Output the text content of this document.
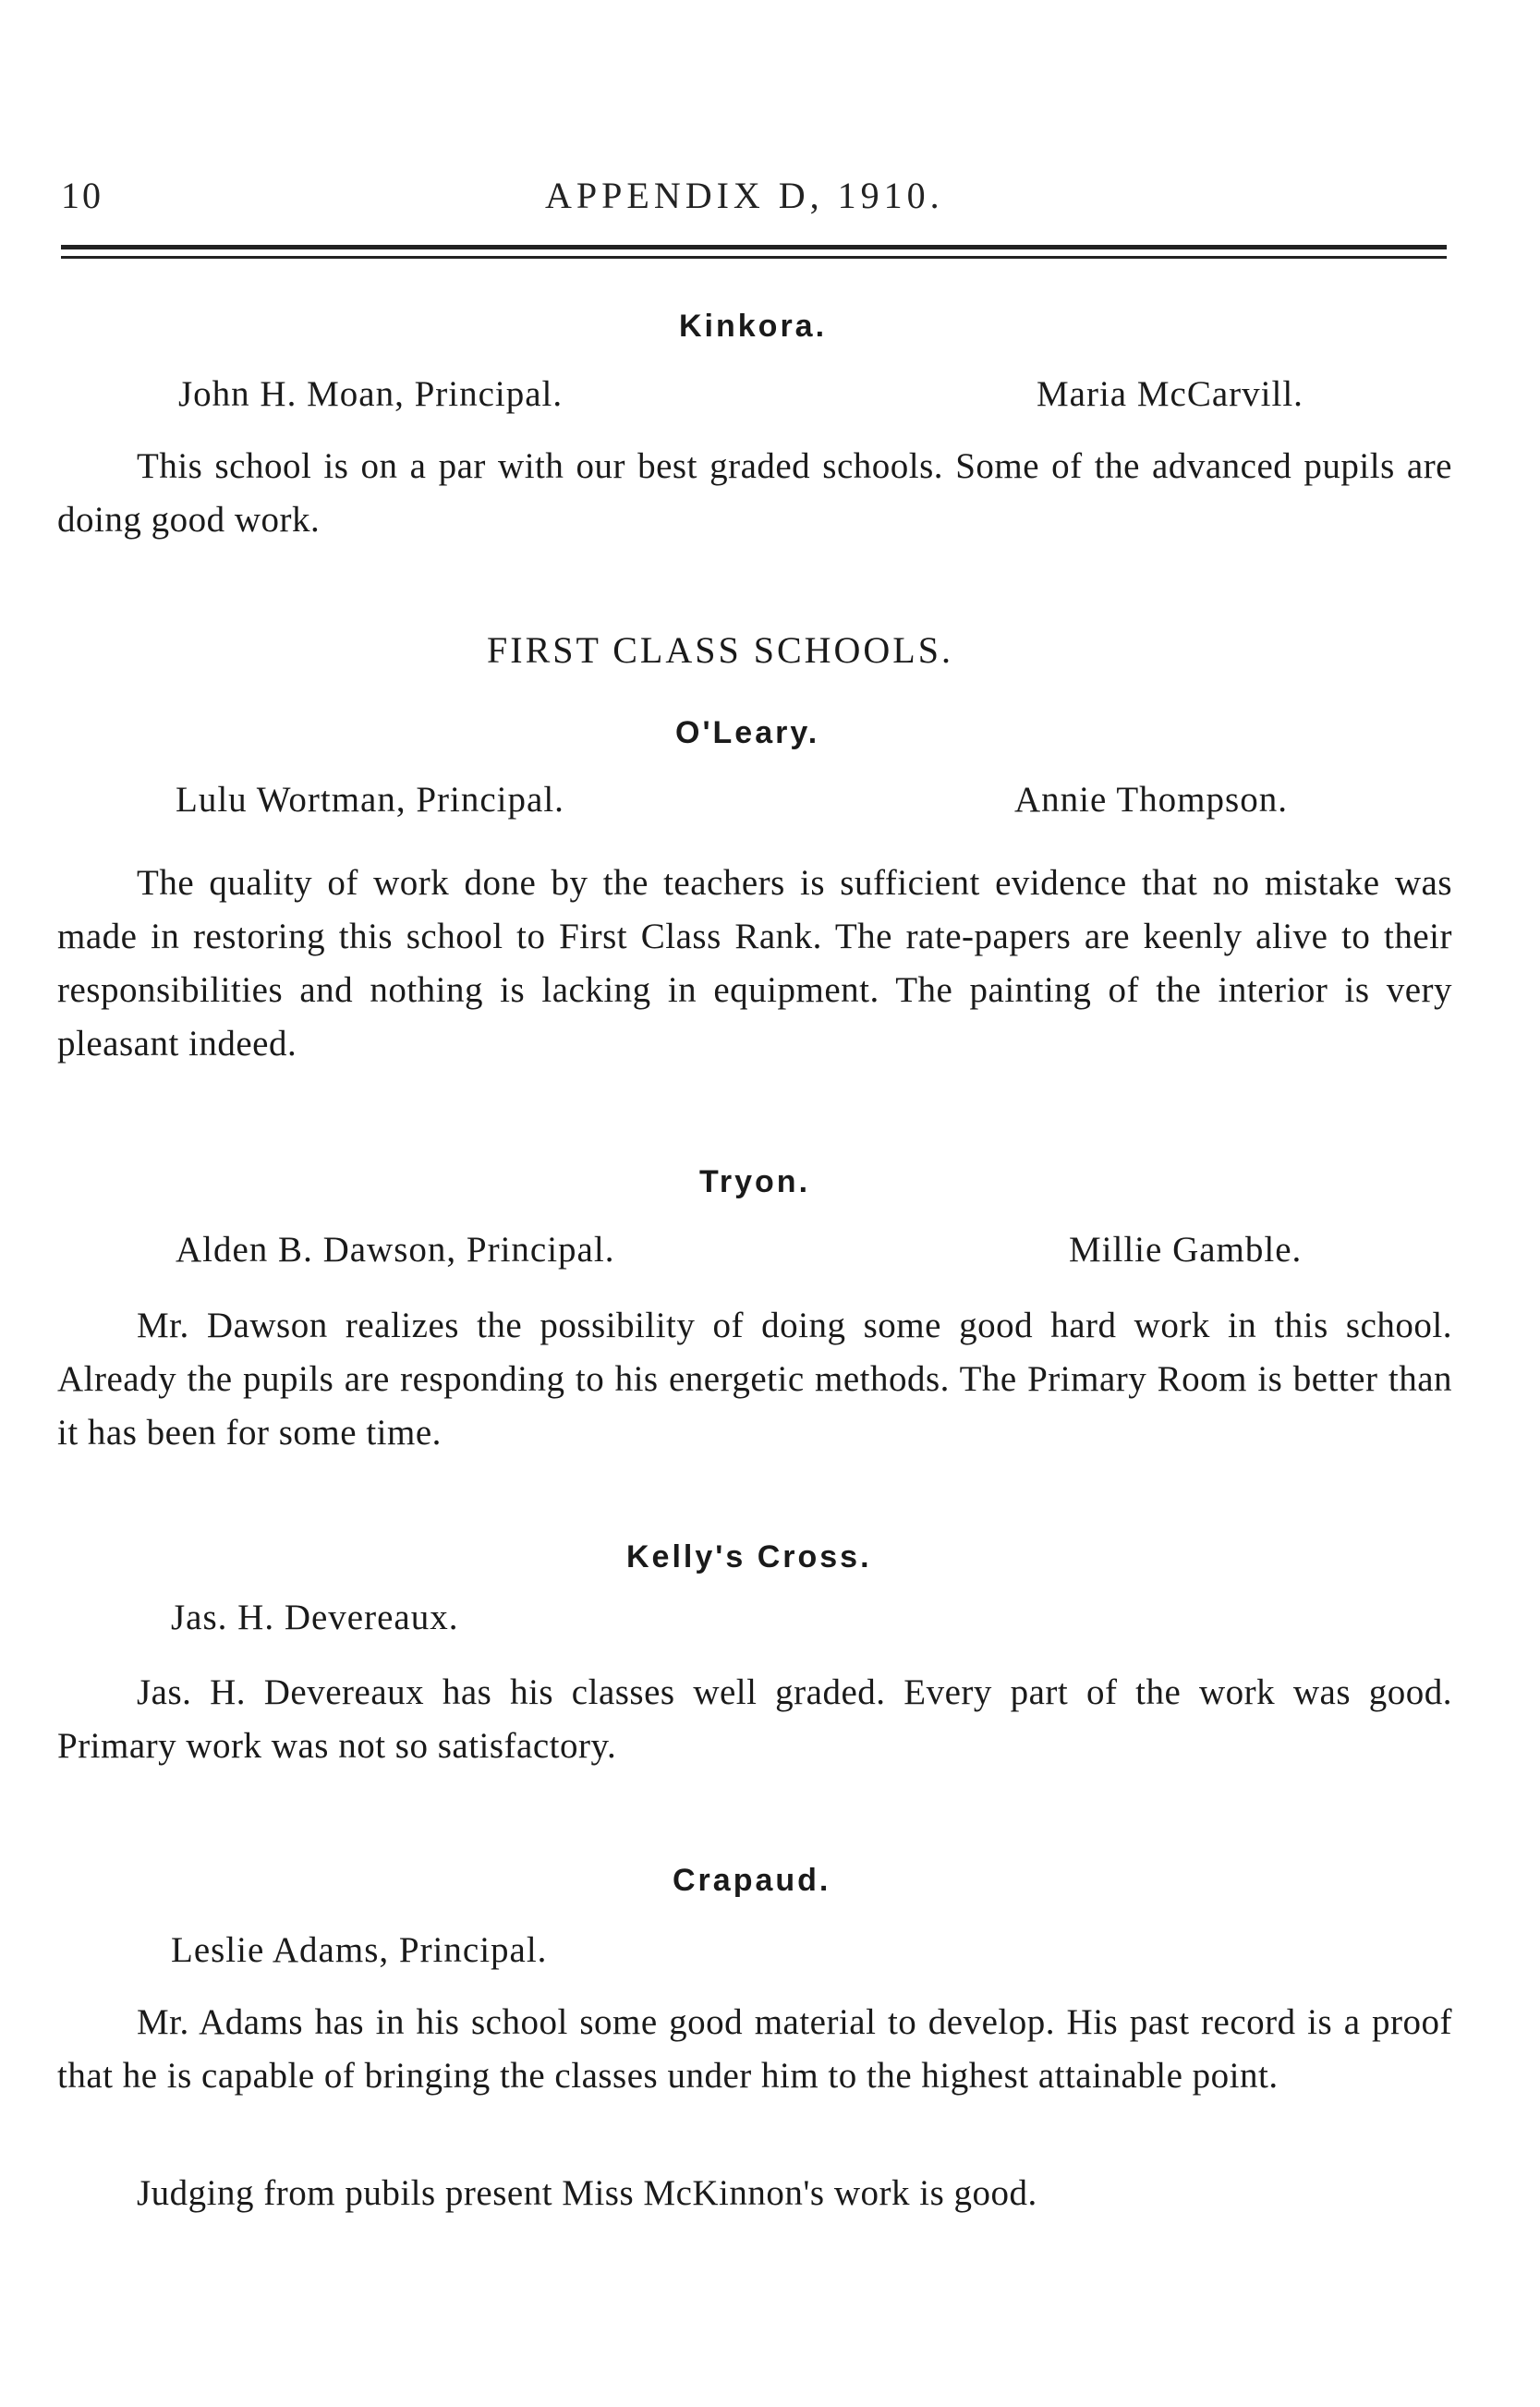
10	APPENDIX D, 1910.
Kinkora.
John H. Moan, Principal.	Maria McCarvill.
This school is on a par with our best graded schools. Some of the advanced pupils are doing good work.
FIRST CLASS SCHOOLS.
O'Leary.
Lulu Wortman, Principal.	Annie Thompson.
The quality of work done by the teachers is sufficient evidence that no mistake was made in restoring this school to First Class Rank. The rate-papers are keenly alive to their responsibilities and nothing is lacking in equipment. The painting of the interior is very pleasant indeed.
Tryon.
Alden B. Dawson, Principal.	Millie Gamble.
Mr. Dawson realizes the possibility of doing some good hard work in this school. Already the pupils are responding to his energetic methods. The Primary Room is better than it has been for some time.
Kelly's Cross.
Jas. H. Devereaux.
Jas. H. Devereaux has his classes well graded. Every part of the work was good. Primary work was not so satisfactory.
Crapaud.
Leslie Adams, Principal.
Mr. Adams has in his school some good material to develop. His past record is a proof that he is capable of bringing the classes under him to the highest attainable point.
Judging from pubils present Miss McKinnon's work is good.
